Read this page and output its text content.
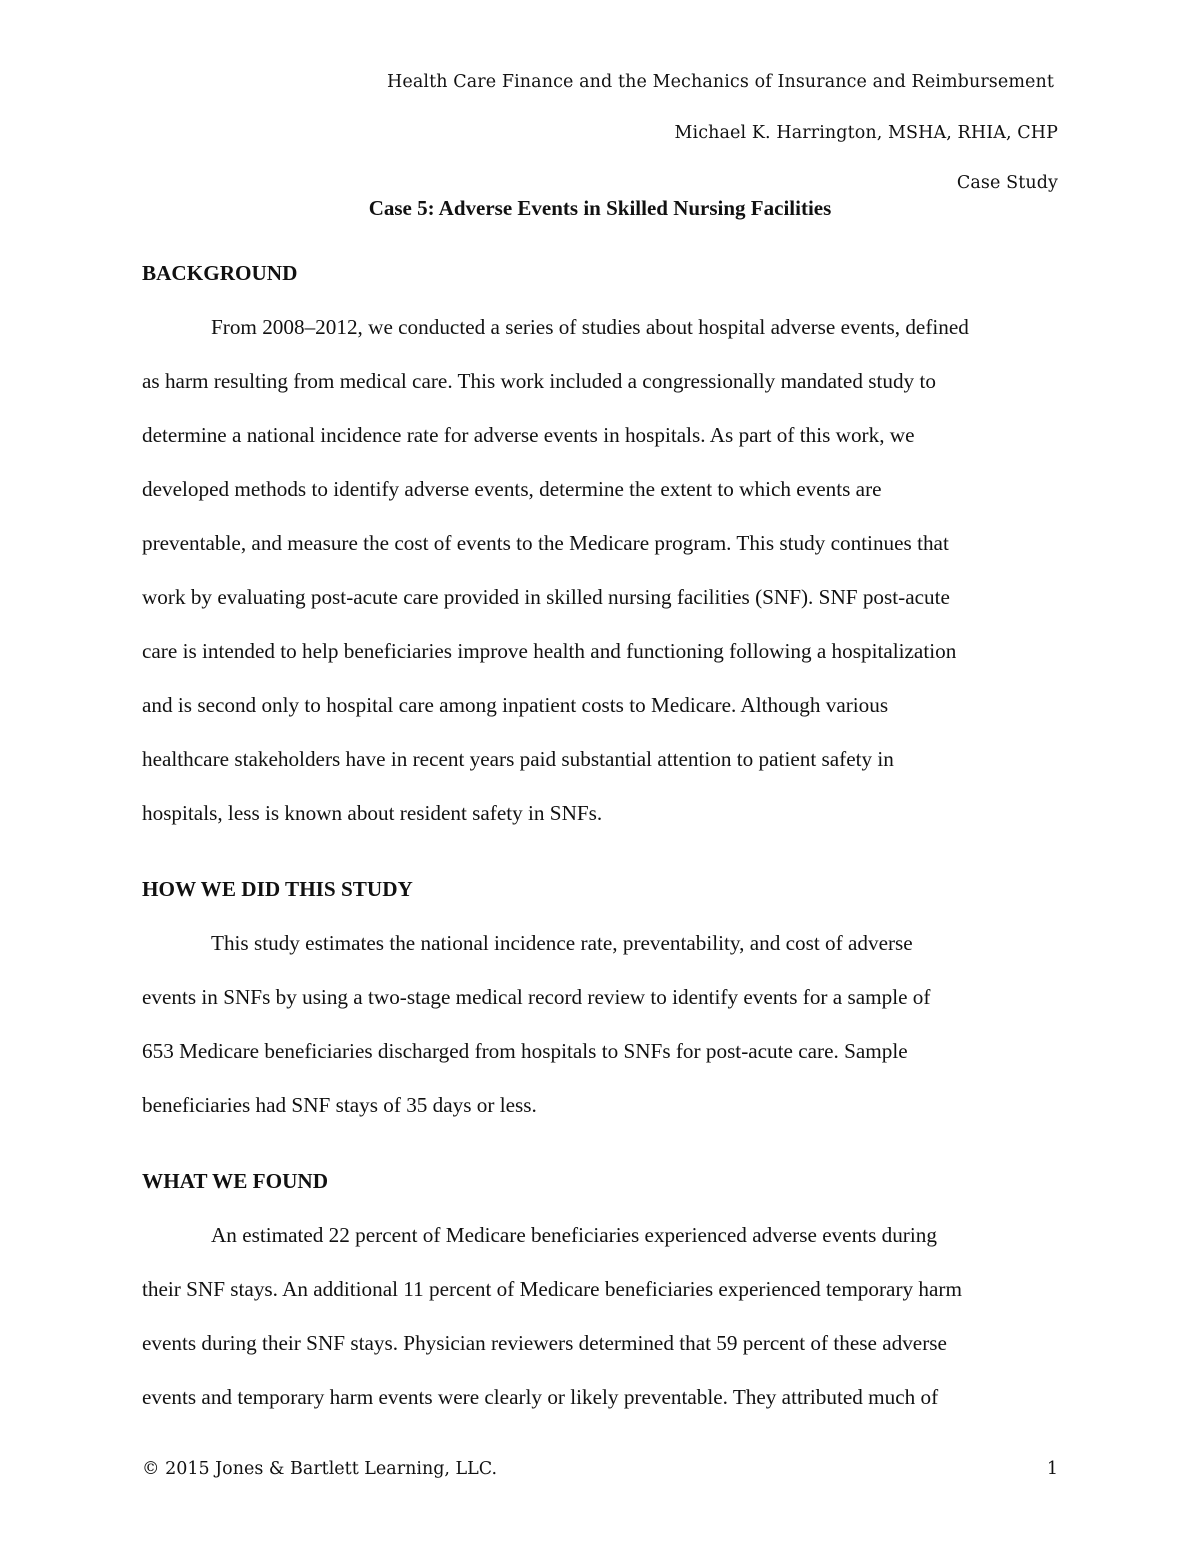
Health Care Finance and the Mechanics of Insurance and Reimbursement
Michael K. Harrington, MSHA, RHIA, CHP
Case Study
Case 5: Adverse Events in Skilled Nursing Facilities

BACKGROUND

From 2008–2012, we conducted a series of studies about hospital adverse events, defined

as harm resulting from medical care. This work included a congressionally mandated study to

determine a national incidence rate for adverse events in hospitals. As part of this work, we

developed methods to identify adverse events, determine the extent to which events are

preventable, and measure the cost of events to the Medicare program. This study continues that

work by evaluating post-acute care provided in skilled nursing facilities (SNF). SNF post-acute

care is intended to help beneficiaries improve health and functioning following a hospitalization

and is second only to hospital care among inpatient costs to Medicare. Although various

healthcare stakeholders have in recent years paid substantial attention to patient safety in

hospitals, less is known about resident safety in SNFs.

HOW WE DID THIS STUDY

This study estimates the national incidence rate, preventability, and cost of adverse

events in SNFs by using a two-stage medical record review to identify events for a sample of

653 Medicare beneficiaries discharged from hospitals to SNFs for post-acute care. Sample

beneficiaries had SNF stays of 35 days or less.

WHAT WE FOUND

An estimated 22 percent of Medicare beneficiaries experienced adverse events during

their SNF stays. An additional 11 percent of Medicare beneficiaries experienced temporary harm

events during their SNF stays. Physician reviewers determined that 59 percent of these adverse

events and temporary harm events were clearly or likely preventable. They attributed much of

© 2015 Jones & Bartlett Learning, LLC.	1
